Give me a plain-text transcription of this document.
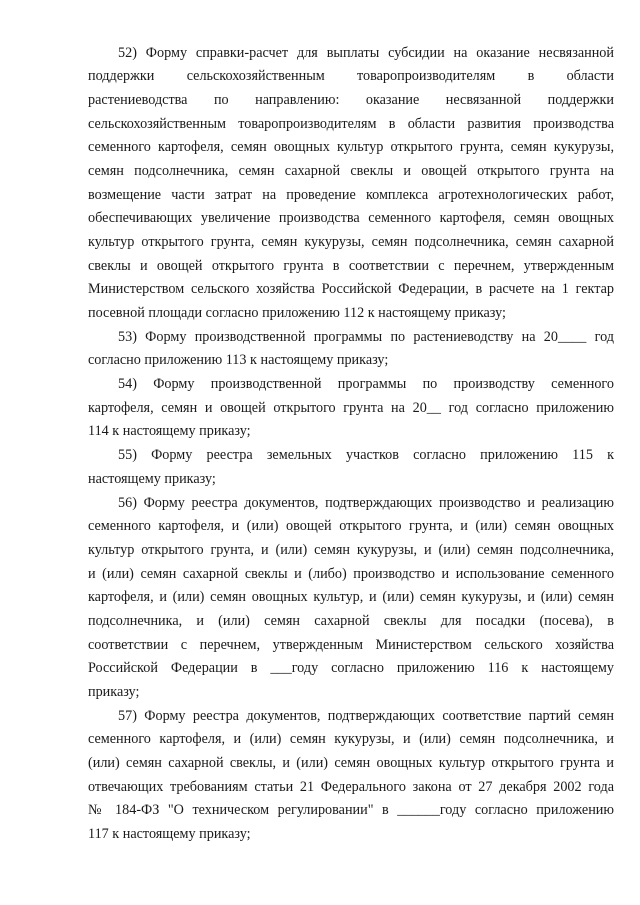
52) Форму справки-расчет для выплаты субсидии на оказание несвязанной
поддержки сельскохозяйственным товаропроизводителям в области
растениеводства по направлению: оказание несвязанной поддержки
сельскохозяйственным товаропроизводителям в области развития производства
семенного картофеля, семян овощных культур открытого грунта, семян кукурузы,
семян подсолнечника, семян сахарной свеклы и овощей открытого грунта на
возмещение части затрат на проведение комплекса агротехнологических работ,
обеспечивающих увеличение производства семенного картофеля, семян овощных
культур открытого грунта, семян кукурузы, семян подсолнечника, семян сахарной
свеклы и овощей открытого грунта в соответствии с перечнем, утвержденным
Министерством сельского хозяйства Российской Федерации, в расчете на 1 гектар
посевной площади согласно приложению 112 к настоящему приказу;
53) Форму производственной программы по растениеводству на 20____ год
согласно приложению 113 к настоящему приказу;
54) Форму производственной программы по производству семенного
картофеля, семян и овощей открытого грунта на 20__ год согласно приложению
114 к настоящему приказу;
55) Форму реестра земельных участков согласно приложению 115 к
настоящему приказу;
56) Форму реестра документов, подтверждающих производство и реализацию
семенного картофеля, и (или) овощей открытого грунта, и (или) семян овощных
культур открытого грунта, и (или) семян кукурузы, и (или) семян подсолнечника,
и (или) семян сахарной свеклы и (либо) производство и использование семенного
картофеля, и (или) семян овощных культур, и (или) семян кукурузы, и (или) семян
подсолнечника, и (или) семян сахарной свеклы для посадки (посева), в
соответствии с перечнем, утвержденным Министерством сельского хозяйства
Российской Федерации в ___году согласно приложению 116 к настоящему
приказу;
57) Форму реестра документов, подтверждающих соответствие партий семян
семенного картофеля, и (или) семян кукурузы, и (или) семян подсолнечника, и
(или) семян сахарной свеклы, и (или) семян овощных культур открытого грунта и
отвечающих требованиям статьи 21 Федерального закона от 27 декабря 2002 года
№ 184-ФЗ "О техническом регулировании" в ______году согласно приложению
117 к настоящему приказу;
